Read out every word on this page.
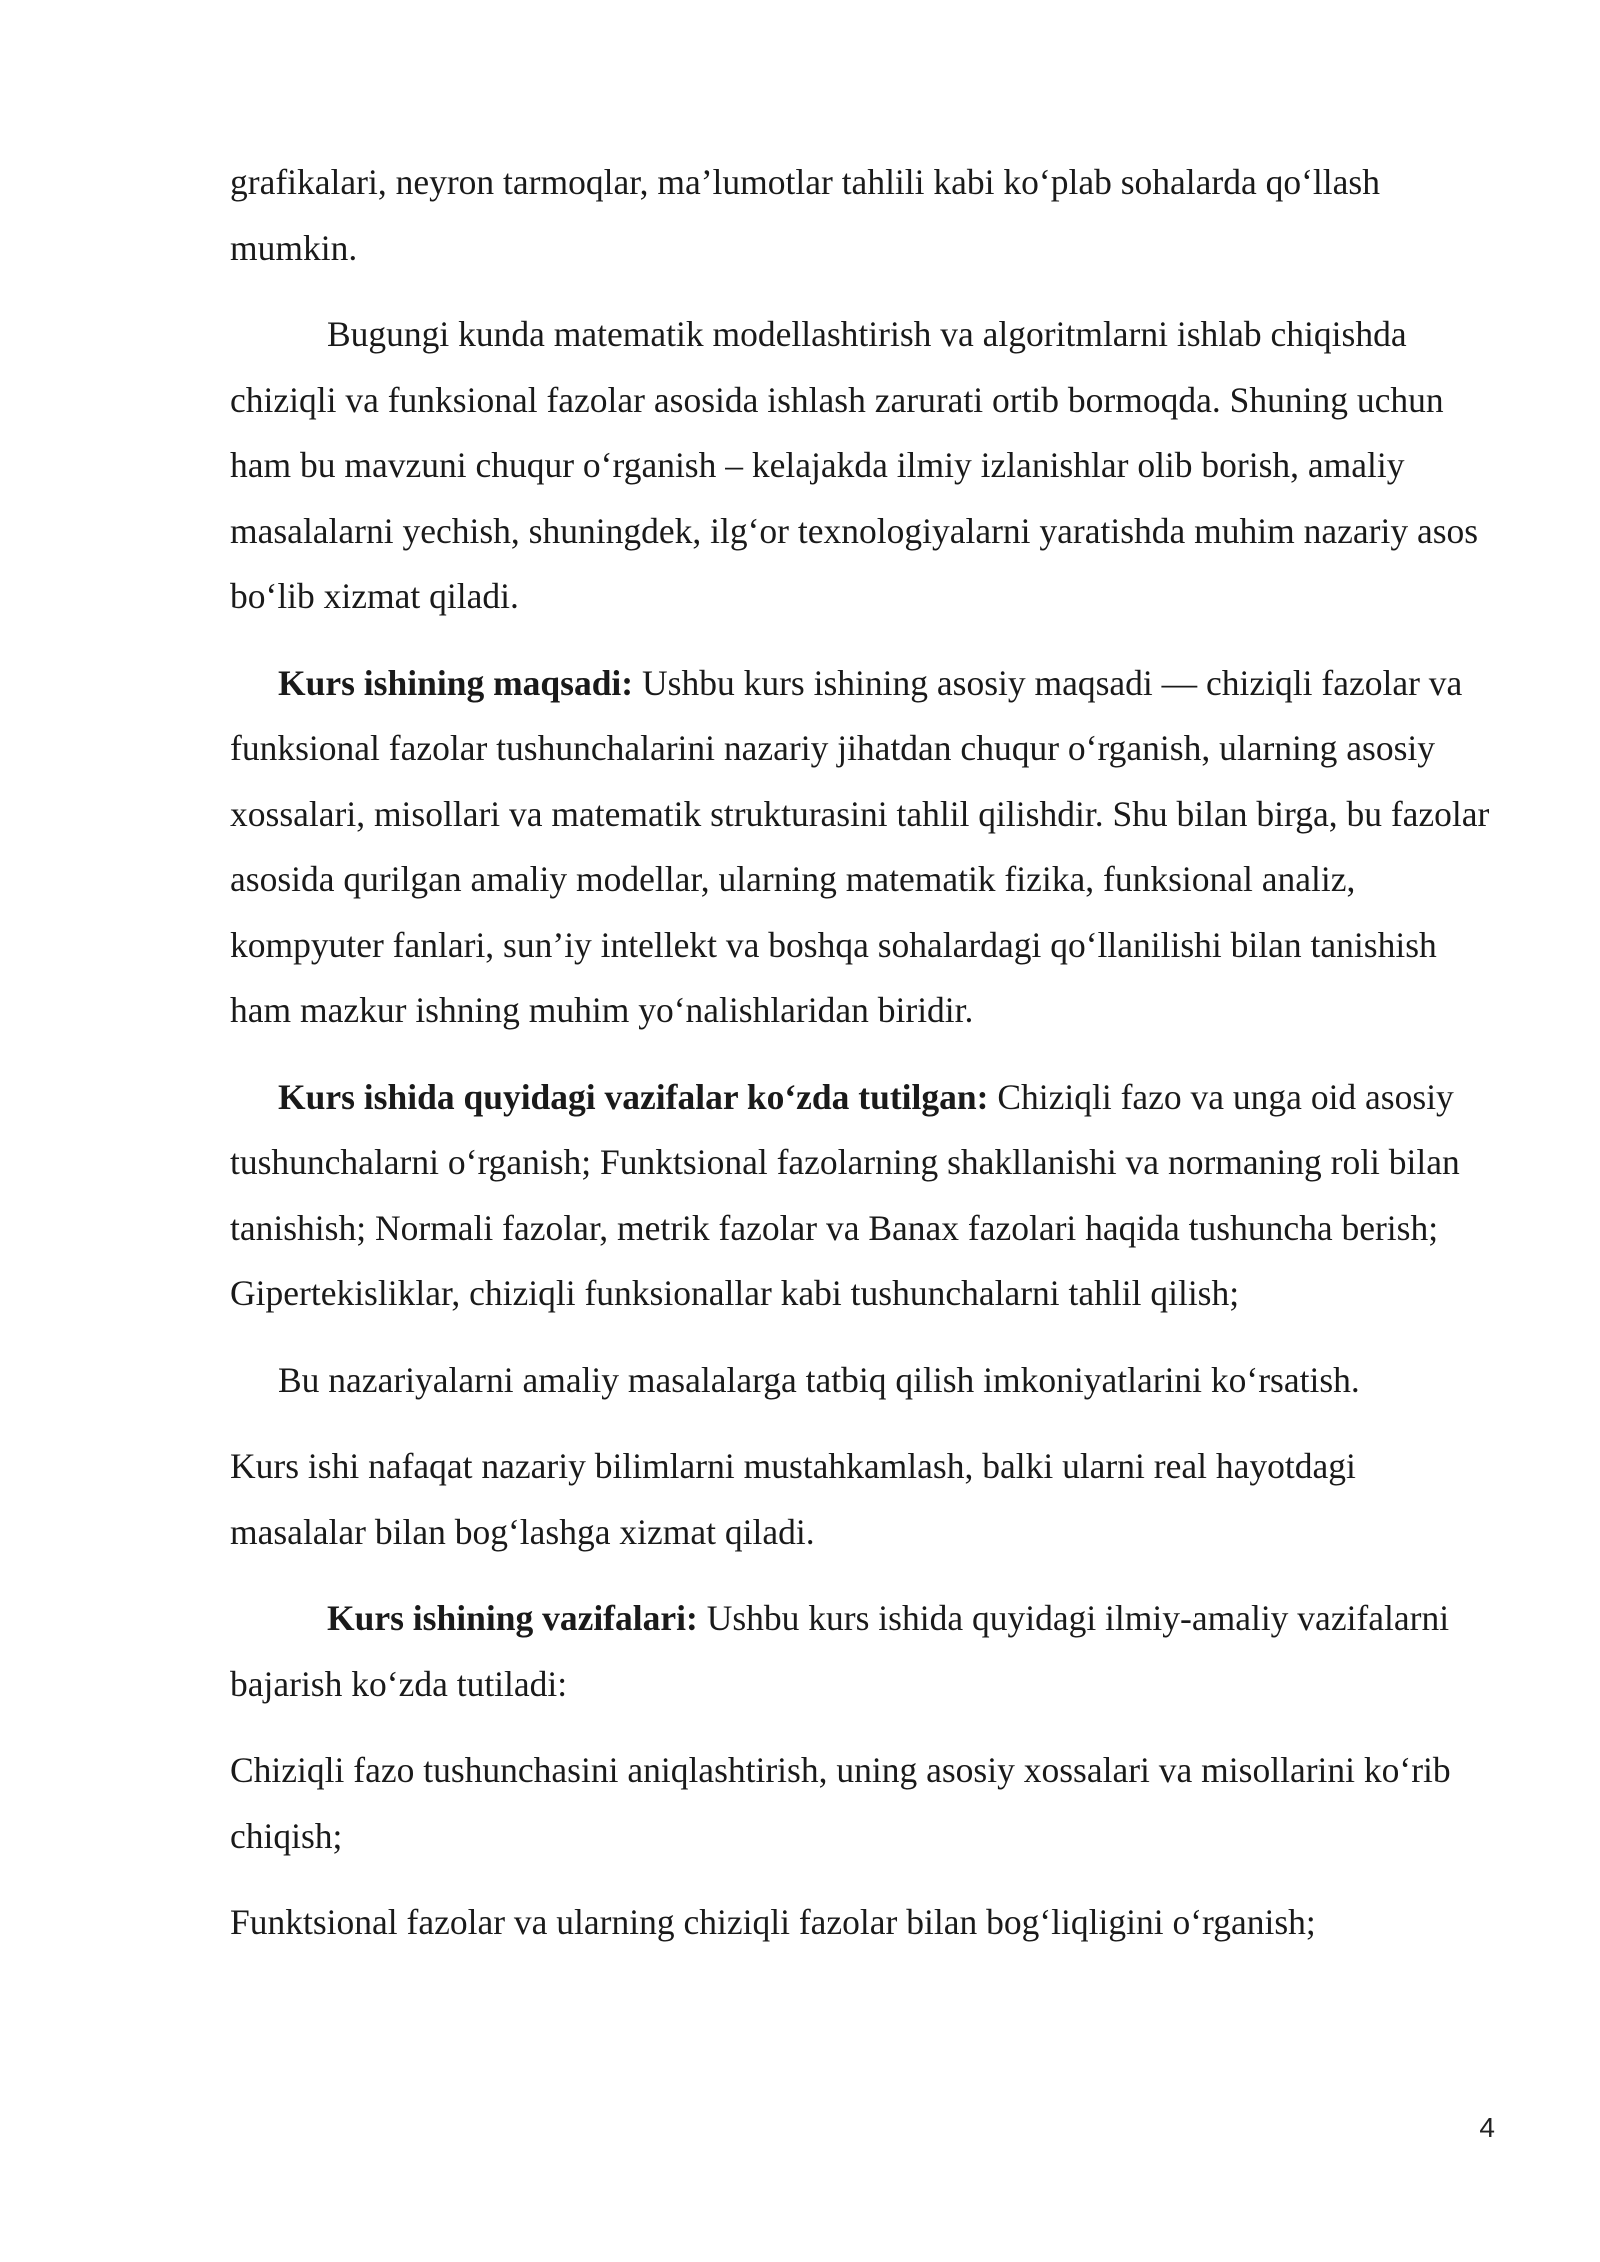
grafikalari, neyron tarmoqlar, ma’lumotlar tahlili kabi ko‘plab sohalarda qo‘llash mumkin.

Bugungi kunda matematik modellashtirish va algoritmlarni ishlab chiqishda chiziqli va funksional fazolar asosida ishlash zarurati ortib bormoqda. Shuning uchun ham bu mavzuni chuqur o‘rganish – kelajakda ilmiy izlanishlar olib borish, amaliy masalalarni yechish, shuningdek, ilg‘or texnologiyalarni yaratishda muhim nazariy asos bo‘lib xizmat qiladi.

Kurs ishining maqsadi: Ushbu kurs ishining asosiy maqsadi — chiziqli fazolar va funksional fazolar tushunchalarini nazariy jihatdan chuqur o‘rganish, ularning asosiy xossalari, misollari va matematik strukturasini tahlil qilishdir. Shu bilan birga, bu fazolar asosida qurilgan amaliy modellar, ularning matematik fizika, funksional analiz, kompyuter fanlari, sun’iy intellekt va boshqa sohalardagi qo‘llanilishi bilan tanishish ham mazkur ishning muhim yo‘nalishlaridan biridir.

Kurs ishida quyidagi vazifalar ko‘zda tutilgan: Chiziqli fazo va unga oid asosiy tushunchalarni o‘rganish; Funktsional fazolarning shakllanishi va normaning roli bilan tanishish; Normali fazolar, metrik fazolar va Banax fazolari haqida tushuncha berish; Gipertekisliklar, chiziqli funksionallar kabi tushunchalarni tahlil qilish;

Bu nazariyalarni amaliy masalalarga tatbiq qilish imkoniyatlarini ko‘rsatish.

Kurs ishi nafaqat nazariy bilimlarni mustahkamlash, balki ularni real hayotdagi masalalar bilan bog‘lashga xizmat qiladi.

Kurs ishining vazifalari: Ushbu kurs ishida quyidagi ilmiy-amaliy vazifalarni bajarish ko‘zda tutiladi:

Chiziqli fazo tushunchasini aniqlashtirish, uning asosiy xossalari va misollarini ko‘rib chiqish;

Funktsional fazolar va ularning chiziqli fazolar bilan bog‘liqligini o‘rganish;

4
